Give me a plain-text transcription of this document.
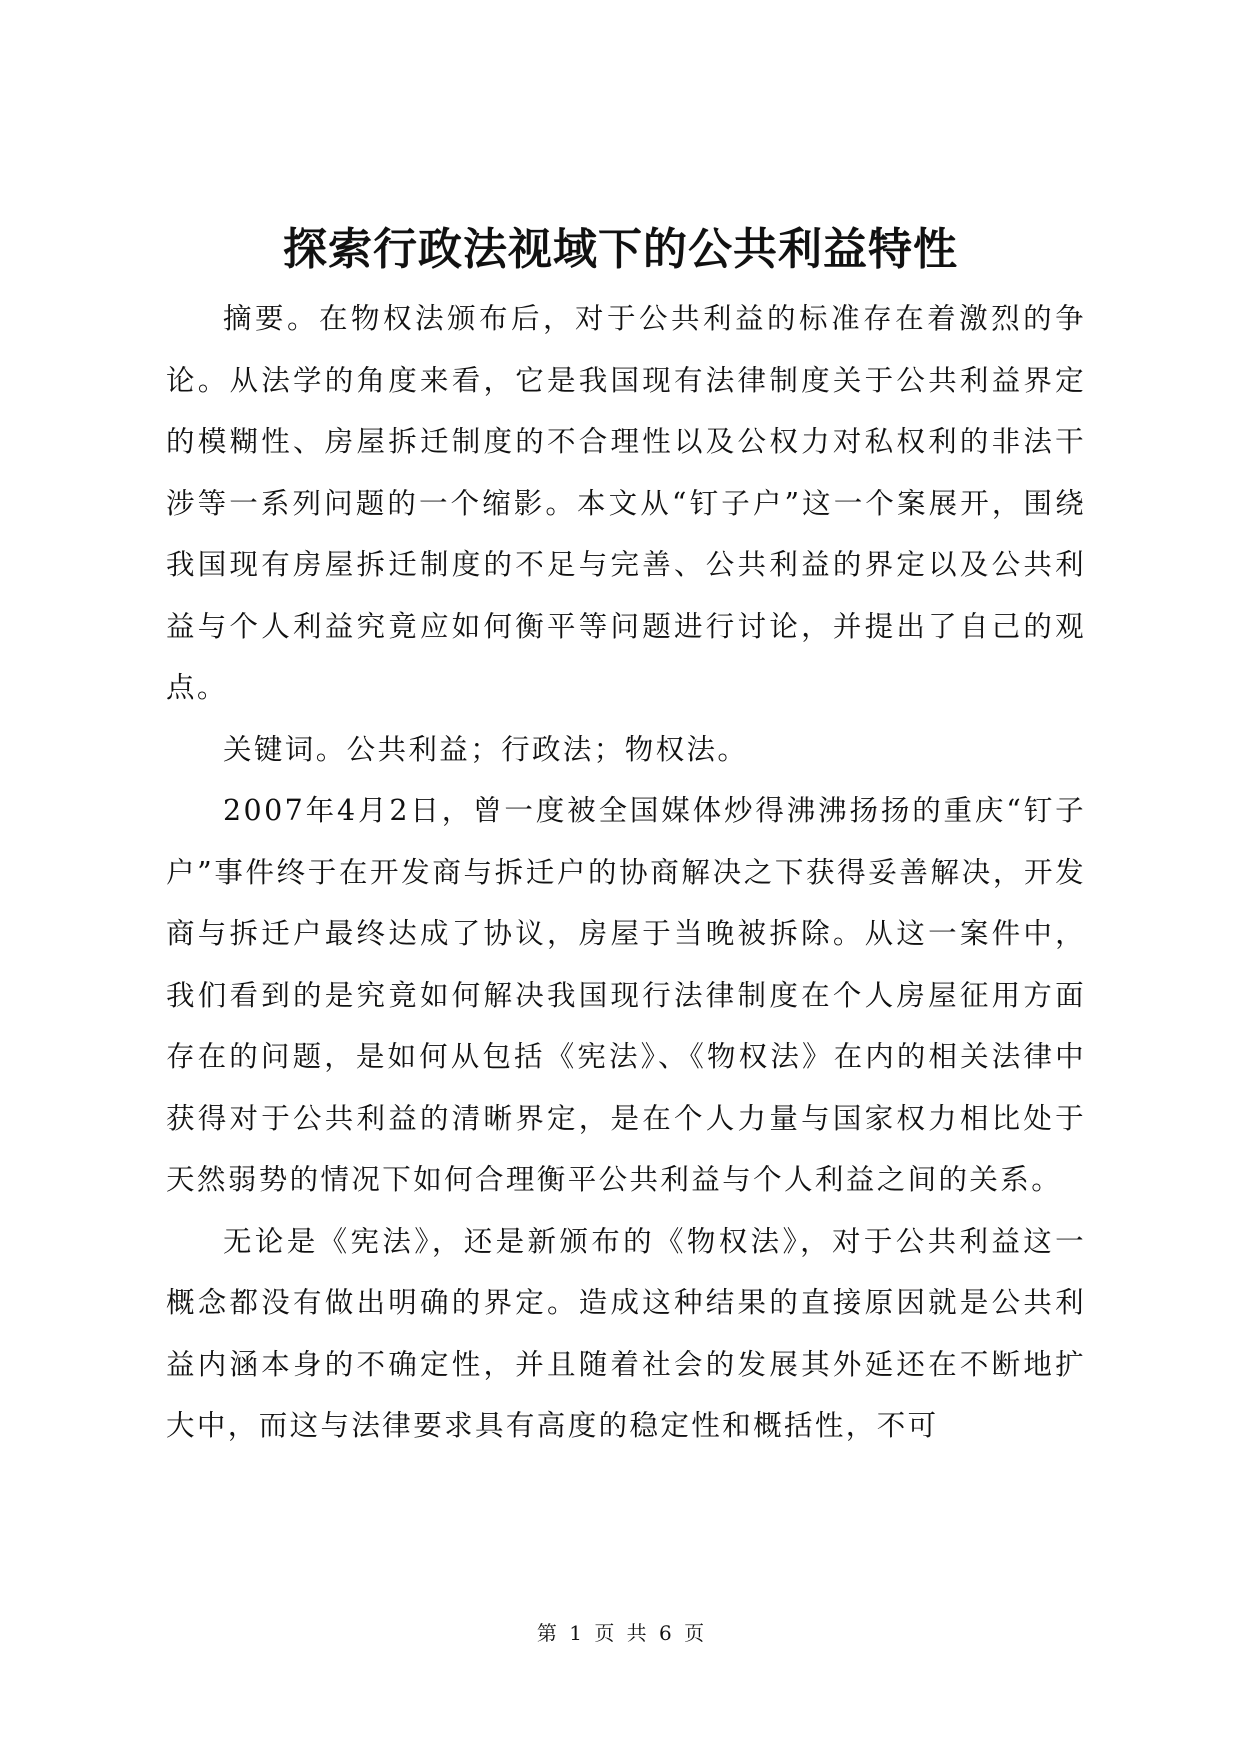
探索行政法视域下的公共利益特性

摘要。在物权法颁布后，对于公共利益的标准存在着激烈的争论。从法学的角度来看，它是我国现有法律制度关于公共利益界定的模糊性、房屋拆迁制度的不合理性以及公权力对私权利的非法干涉等一系列问题的一个缩影。本文从“钉子户”这一个案展开，围绕我国现有房屋拆迁制度的不足与完善、公共利益的界定以及公共利益与个人利益究竟应如何衡平等问题进行讨论，并提出了自己的观点。

关键词。公共利益；行政法；物权法。

2007年4月2日，曾一度被全国媒体炒得沸沸扬扬的重庆“钉子户”事件终于在开发商与拆迁户的协商解决之下获得妥善解决，开发商与拆迁户最终达成了协议，房屋于当晚被拆除。从这一案件中，我们看到的是究竟如何解决我国现行法律制度在个人房屋征用方面存在的问题，是如何从包括《宪法》、《物权法》在内的相关法律中获得对于公共利益的清晰界定，是在个人力量与国家权力相比处于天然弱势的情况下如何合理衡平公共利益与个人利益之间的关系。

无论是《宪法》，还是新颁布的《物权法》，对于公共利益这一概念都没有做出明确的界定。造成这种结果的直接原因就是公共利益内涵本身的不确定性，并且随着社会的发展其外延还在不断地扩大中，而这与法律要求具有高度的稳定性和概括性，不可

第 1 页 共 6 页
